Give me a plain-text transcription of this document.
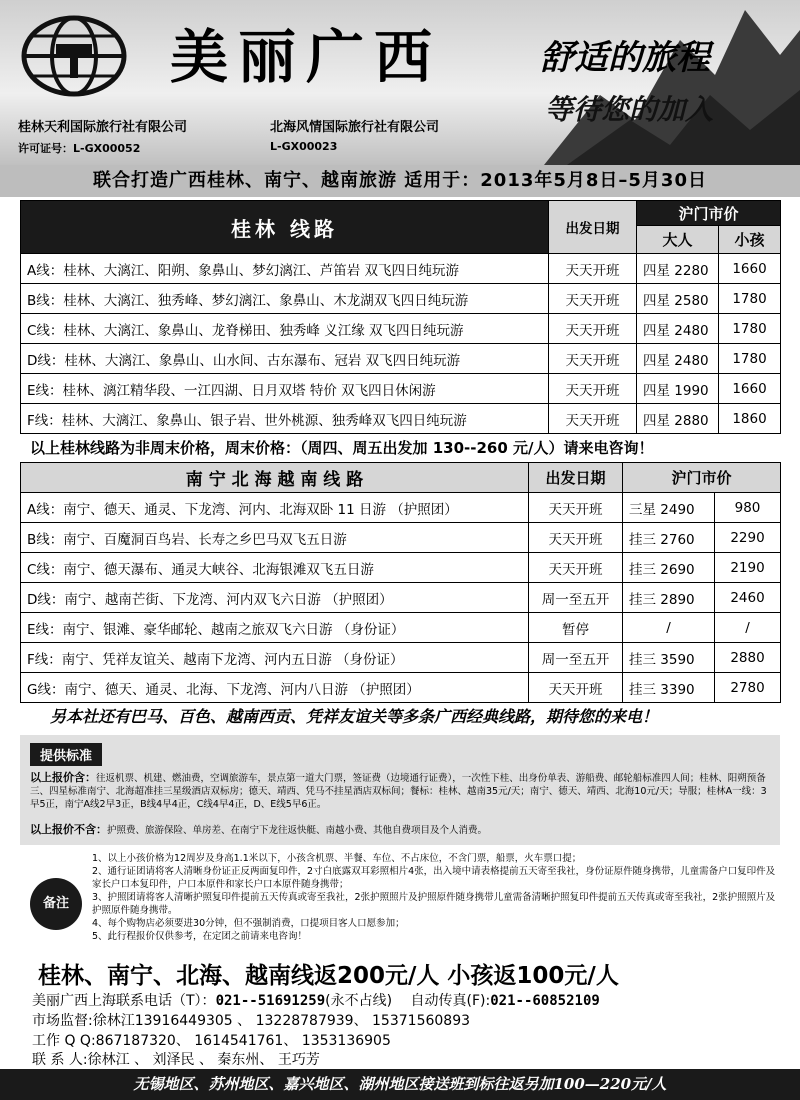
美丽广西	舒适的旅程
等待您的加入
桂林天利国际旅行社有限公司	北海风情国际旅行社有限公司
许可证号：L-GX00052	L-GX00023
联合打造广西桂林、南宁、越南旅游 适用于：2013年5月8日–5月30日
桂林 线路	出发日期	沪门市价	
		大人	小孩
A线：桂林、大漓江、阳朔、象鼻山、梦幻漓江、芦笛岩 双飞四日纯玩游	天天开班	四星 2280	1660
B线：桂林、大漓江、独秀峰、梦幻漓江、象鼻山、木龙湖双飞四日纯玩游	天天开班	四星 2580	1780
C线：桂林、大漓江、象鼻山、龙脊梯田、独秀峰 义江缘 双飞四日纯玩游	天天开班	四星 2480	1780
D线：桂林、大漓江、象鼻山、山水间、古东瀑布、冠岩 双飞四日纯玩游	天天开班	四星 2480	1780
E线：桂林、漓江精华段、一江四湖、日月双塔 特价 双飞四日休闲游	天天开班	四星 1990	1660
F线：桂林、大漓江、象鼻山、银子岩、世外桃源、独秀峰双飞四日纯玩游	天天开班	四星 2880	1860
以上桂林线路为非周末价格，周末价格：（周四、周五出发加 130--260 元/人）请来电咨询！
南 宁 北 海 越 南 线 路	出发日期	沪门市价	
A线：南宁、德天、通灵、下龙湾、河内、北海双卧 11 日游 （护照团）	天天开班	三星 2490	980
B线：南宁、百魔洞百鸟岩、长寿之乡巴马双飞五日游	天天开班	挂三 2760	2290
C线：南宁、德天瀑布、通灵大峡谷、北海银滩双飞五日游	天天开班	挂三 2690	2190
D线：南宁、越南芒街、下龙湾、河内双飞六日游 （护照团）	周一至五开	挂三 2890	2460
E线：南宁、银滩、豪华邮轮、越南之旅双飞六日游 （身份证）	暂停	/	/
F线：南宁、凭祥友谊关、越南下龙湾、河内五日游 （身份证）	周一至五开	挂三 3590	2880
G线：南宁、德天、通灵、北海、下龙湾、河内八日游 （护照团）	天天开班	挂三 3390	2780
另本社还有巴马、百色、越南西贡、凭祥友谊关等多条广西经典线路，期待您的来电！
提供标准
以上报价含：往返机票、机建、燃油费，空调旅游车，景点第一道大门票，签证费（边境通行证费），一次性下桂、出身份单表、游船费、邮轮船标准四人间；桂林、阳朔预备三、四星标准南宁、北海超准挂三星级酒店双标房；德天、靖西、凭马不挂星酒店双标间；餐标：桂林、越南35元/天；南宁、德天、靖西、北海10元/天；导服；桂林A一线：3早5正，南宁A线2早3正，B线4早4正，C线4早4正，D、E线5早6正。
以上报价不含：护照费、旅游保险、单房差、在南宁下龙往返快艇、南越小费、其他自费项目及个人消费。
备注
1、以上小孩价格为12周岁及身高1.1米以下，小孩含机票、半餐、车位、不占床位，不含门票，船票，火车票口提；
2、通行证团请将客人清晰身份证正反两面复印件，2寸白底露双耳彩照相片4张，出入境中请表格提前五天寄至我社，身份证原件随身携带，儿童需备户口复印件及家长户口本复印件，户口本原件和家长户口本原件随身携带；
3、护照团请将客人清晰护照复印件提前五天传真或寄至我社，2张护照照片及护照原件随身携带儿童需备清晰护照复印件提前五天传真或寄至我社，2张护照照片及护照原件随身携带。
4、每个购物店必须要进30分钟，但不强制消费，口提项目客人口愿参加；
5、此行程报价仅供参考，在定团之前请来电咨询！
桂林、南宁、北海、越南线返200元/人 小孩返100元/人
美丽广西上海联系电话（T）：021--51691259(永不占线) 自动传真(F):021--60852109
市场监督:徐林江13916449305 、 13228787939、 15371560893
工作 Q Q:867187320、 1614541761、 1353136905
联 系 人:徐林江 、 刘泽民 、 秦东州、 王巧芳
无锡地区、苏州地区、嘉兴地区、湖州地区接送班到标往返另加100—220元/人
